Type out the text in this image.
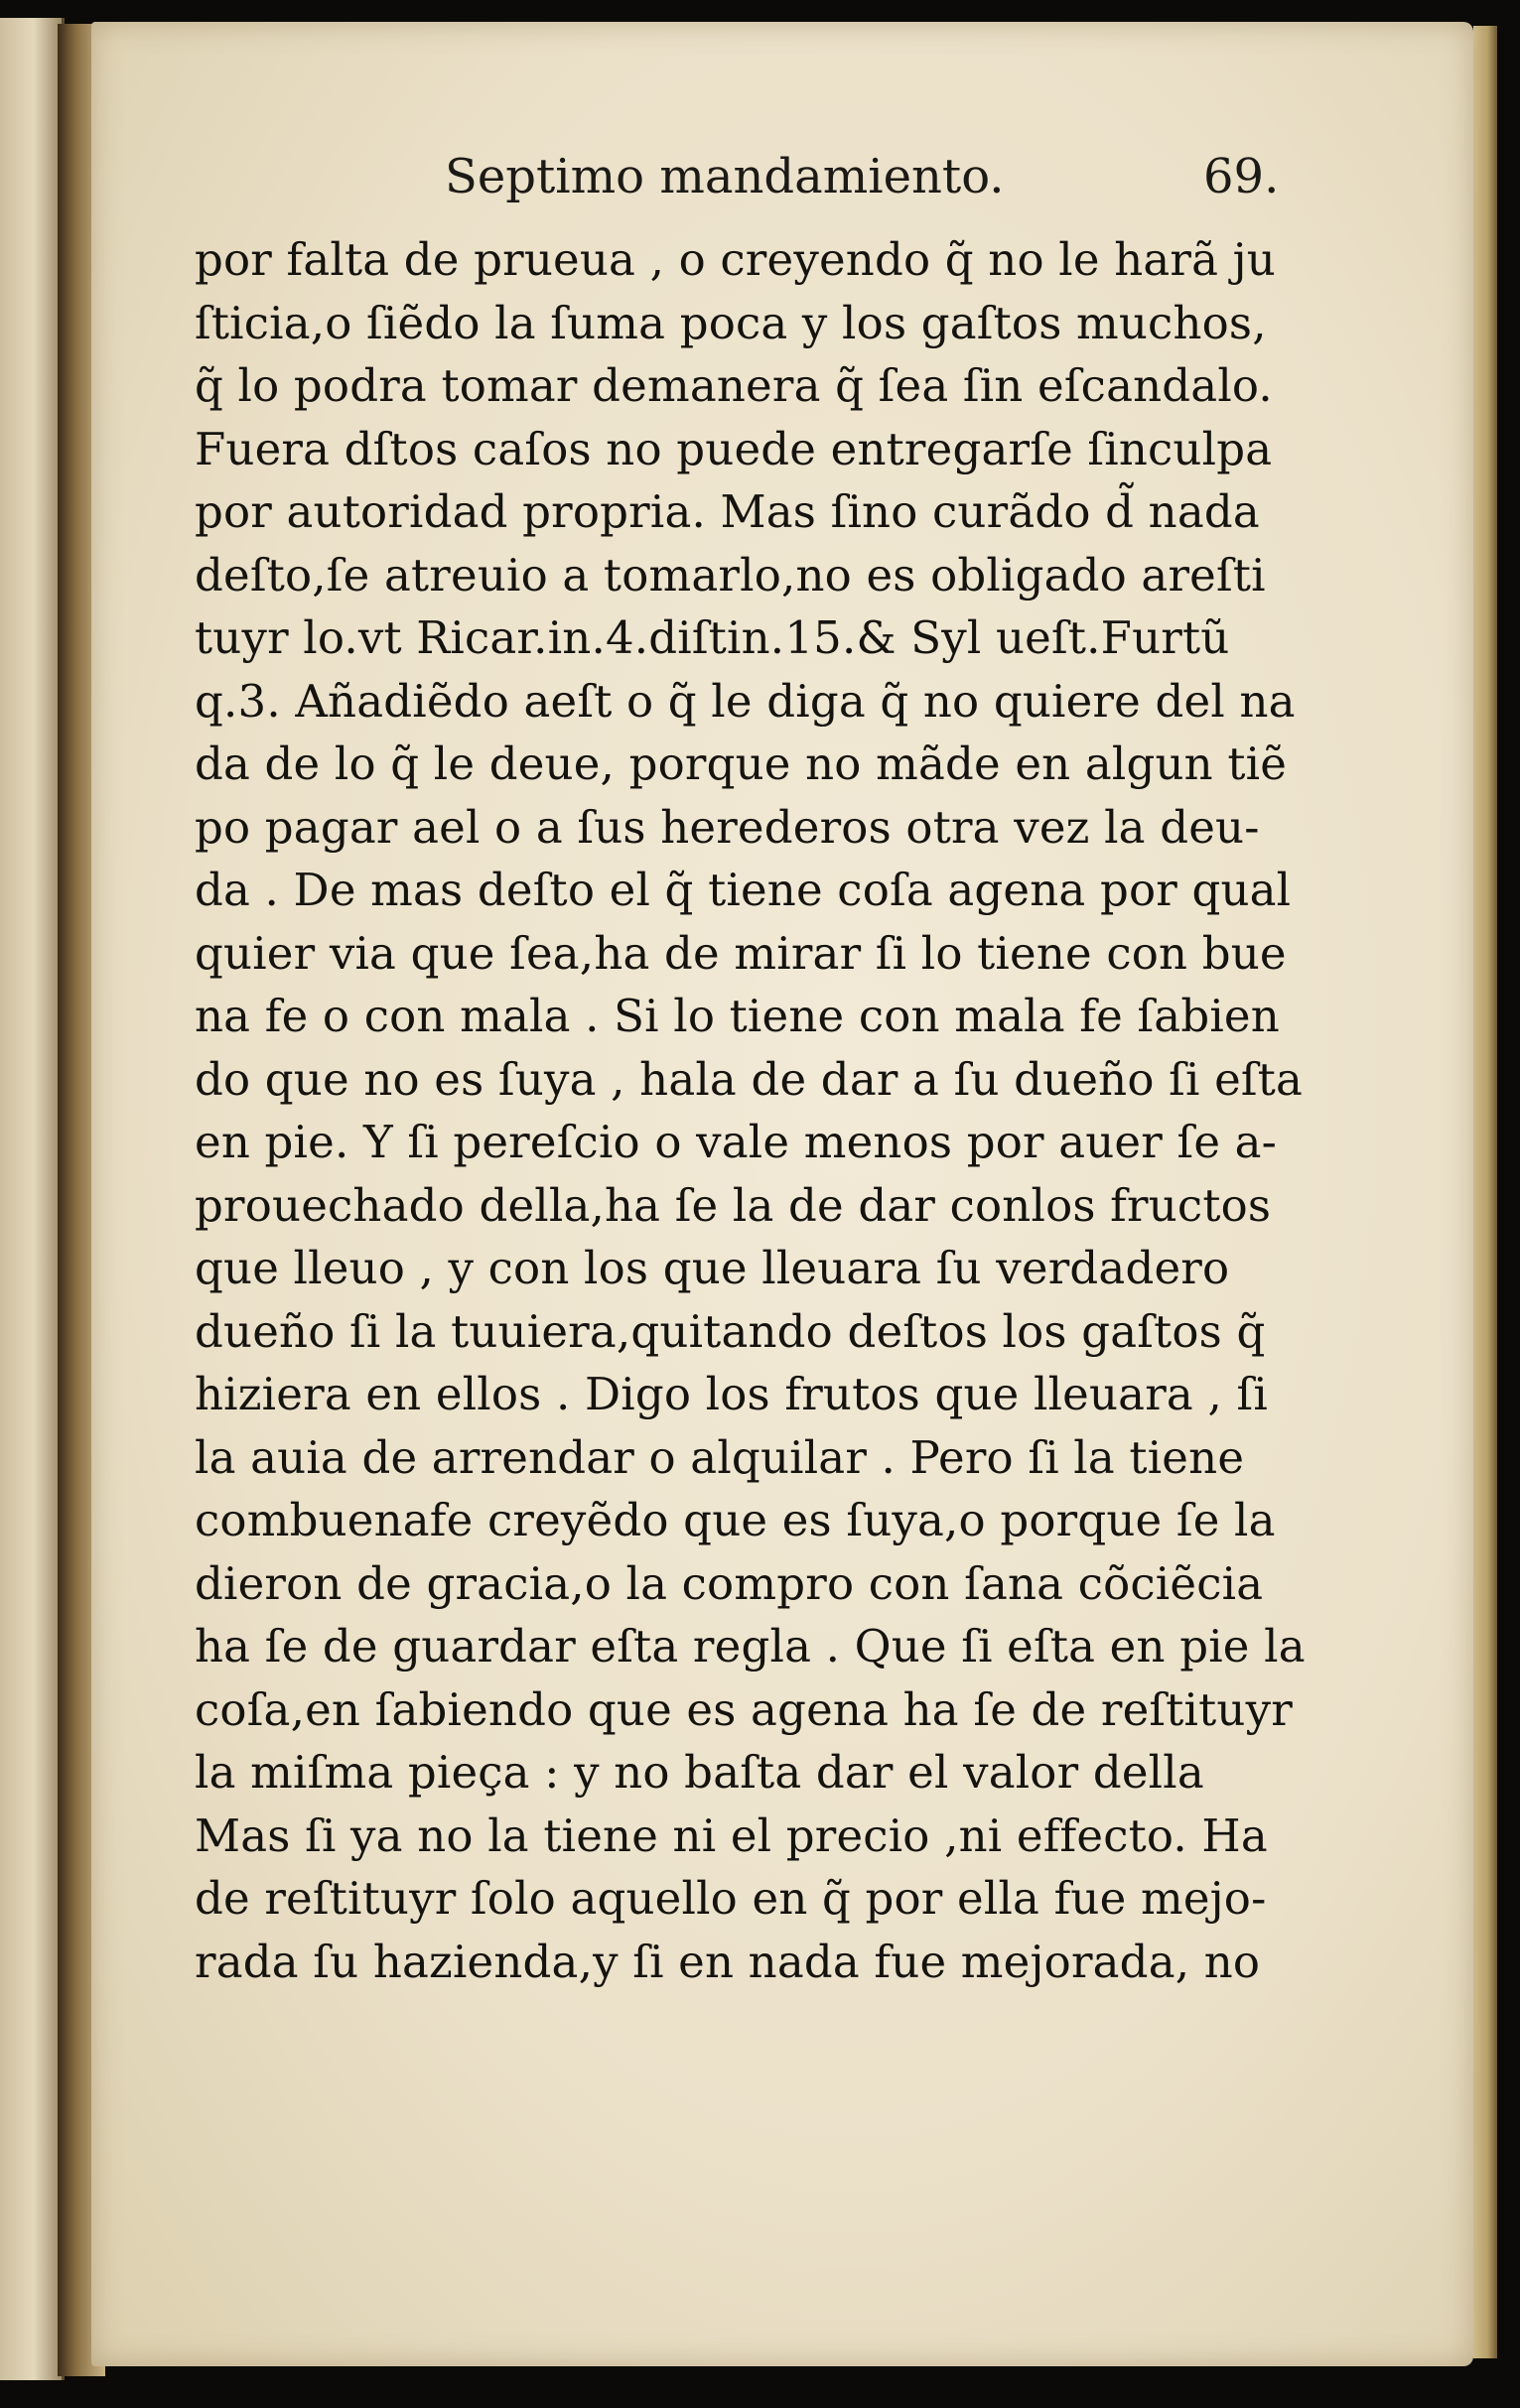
Septimo mandamiento.	69.
por falta de prueua , o creyendo q̃ no le harã ju
ſticia,o ſiẽdo la ſuma poca y los gaſtos muchos,
q̃ lo podra tomar demanera q̃ ſea ſin eſcandalo.
Fuera dſtos caſos no puede entregarſe ſinculpa
por autoridad propria. Mas ſino curãdo d̃ nada
deſto,ſe atreuio a tomarlo,no es obligado areſti
tuyr lo.vt Ricar.in.4.diſtin.15.& Syl ueſt.Furtũ
q.3. Añadiẽdo aeſt o q̃ le diga q̃ no quiere del na
da de lo q̃ le deue, porque no mãde en algun tiẽ
po pagar ael o a ſus herederos otra vez la deu-
da . De mas deſto el q̃ tiene coſa agena por qual
quier via que ſea,ha de mirar ſi lo tiene con bue
na fe o con mala . Si lo tiene con mala fe ſabien
do que no es ſuya , hala de dar a ſu dueño ſi eſta
en pie. Y ſi pereſcio o vale menos por auer ſe a-
prouechado della,ha ſe la de dar conlos fructos
que lleuo , y con los que lleuara ſu verdadero
dueño ſi la tuuiera,quitando deſtos los gaſtos q̃
hiziera en ellos . Digo los frutos que lleuara , ſi
la auia de arrendar o alquilar . Pero ſi la tiene
combuenafe creyẽdo que es ſuya,o porque ſe la
dieron de gracia,o la compro con ſana cõciẽcia
ha ſe de guardar eſta regla . Que ſi eſta en pie la
coſa,en ſabiendo que es agena ha ſe de reſtituyr
la miſma pieça : y no baſta dar el valor della
Mas ſi ya no la tiene ni el precio ,ni effecto. Ha
de reſtituyr ſolo aquello en q̃ por ella fue mejo-
rada ſu hazienda,y ſi en nada fue mejorada, no
